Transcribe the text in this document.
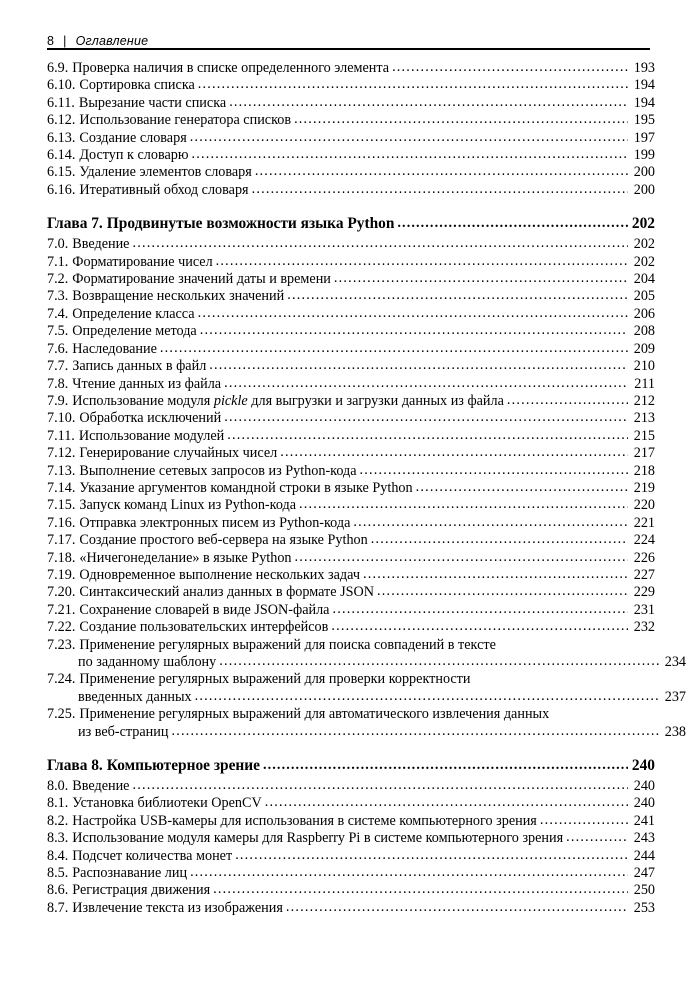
8 | Оглавление
6.9. Проверка наличия в списке определенного элемента .....	193
6.10. Сортировка списка .....	194
6.11. Вырезание части списка .....	194
6.12. Использование генератора списков .....	195
6.13. Создание словаря .....	197
6.14. Доступ к словарю .....	199
6.15. Удаление элементов словаря .....	200
6.16. Итеративный обход словаря .....	200
Глава 7. Продвинутые возможности языка Python .....	202
7.0. Введение .....	202
7.1. Форматирование чисел .....	202
7.2. Форматирование значений даты и времени .....	204
7.3. Возвращение нескольких значений .....	205
7.4. Определение класса .....	206
7.5. Определение метода .....	208
7.6. Наследование .....	209
7.7. Запись данных в файл .....	210
7.8. Чтение данных из файла .....	211
7.9. Использование модуля pickle для выгрузки и загрузки данных из файла .....	212
7.10. Обработка исключений .....	213
7.11. Использование модулей .....	215
7.12. Генерирование случайных чисел .....	217
7.13. Выполнение сетевых запросов из Python-кода .....	218
7.14. Указание аргументов командной строки в языке Python .....	219
7.15. Запуск команд Linux из Python-кода .....	220
7.16. Отправка электронных писем из Python-кода .....	221
7.17. Создание простого веб-сервера на языке Python .....	224
7.18. «Ничегонеделание» в языке Python .....	226
7.19. Одновременное выполнение нескольких задач .....	227
7.20. Синтаксический анализ данных в формате JSON .....	229
7.21. Сохранение словарей в виде JSON-файла .....	231
7.22. Создание пользовательских интерфейсов .....	232
7.23. Применение регулярных выражений для поиска совпадений в тексте
по заданному шаблону .....	234
7.24. Применение регулярных выражений для проверки корректности
введенных данных .....	237
7.25. Применение регулярных выражений для автоматического извлечения данных
из веб-страниц .....	238
Глава 8. Компьютерное зрение .....	240
8.0. Введение .....	240
8.1. Установка библиотеки OpenCV .....	240
8.2. Настройка USB-камеры для использования в системе компьютерного зрения .....	241
8.3. Использование модуля камеры для Raspberry Pi в системе компьютерного зрения .....	243
8.4. Подсчет количества монет .....	244
8.5. Распознавание лиц .....	247
8.6. Регистрация движения .....	250
8.7. Извлечение текста из изображения .....	253
